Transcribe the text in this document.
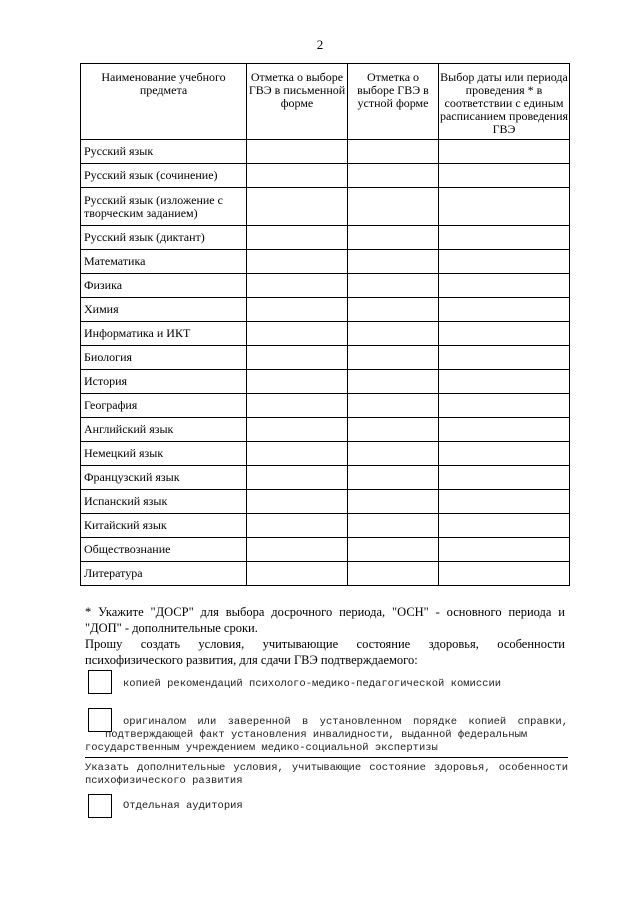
2
Наименование учебного предмета	Отметка о выборе ГВЭ в письменной форме	Отметка о выборе ГВЭ в устной форме	Выбор даты или периода проведения * в соответствии с единым расписанием проведения ГВЭ
Русский язык			
Русский язык (сочинение)			
Русский язык (изложение с творческим заданием)			
Русский язык (диктант)			
Математика			
Физика			
Химия			
Информатика и ИКТ			
Биология			
История			
География			
Английский язык			
Немецкий язык			
Французский язык			
Испанский язык			
Китайский язык			
Обществознание			
Литература			

* Укажите "ДОСР" для выбора досрочного периода, "ОСН" - основного периода и

"ДОП" - дополнительные сроки.

Прошу создать условия, учитывающие состояние здоровья, особенности

психофизического развития, для сдачи ГВЭ подтверждаемого:

копией рекомендаций психолого-медико-педагогической комиссии
оригиналом или заверенной в установленном порядке копией справки,
подтверждающей факт установления инвалидности, выданной федеральным
государственным учреждением медико-социальной экспертизы
Указать дополнительные условия, учитывающие состояние здоровья, особенности
психофизического развития
Отдельная аудитория
